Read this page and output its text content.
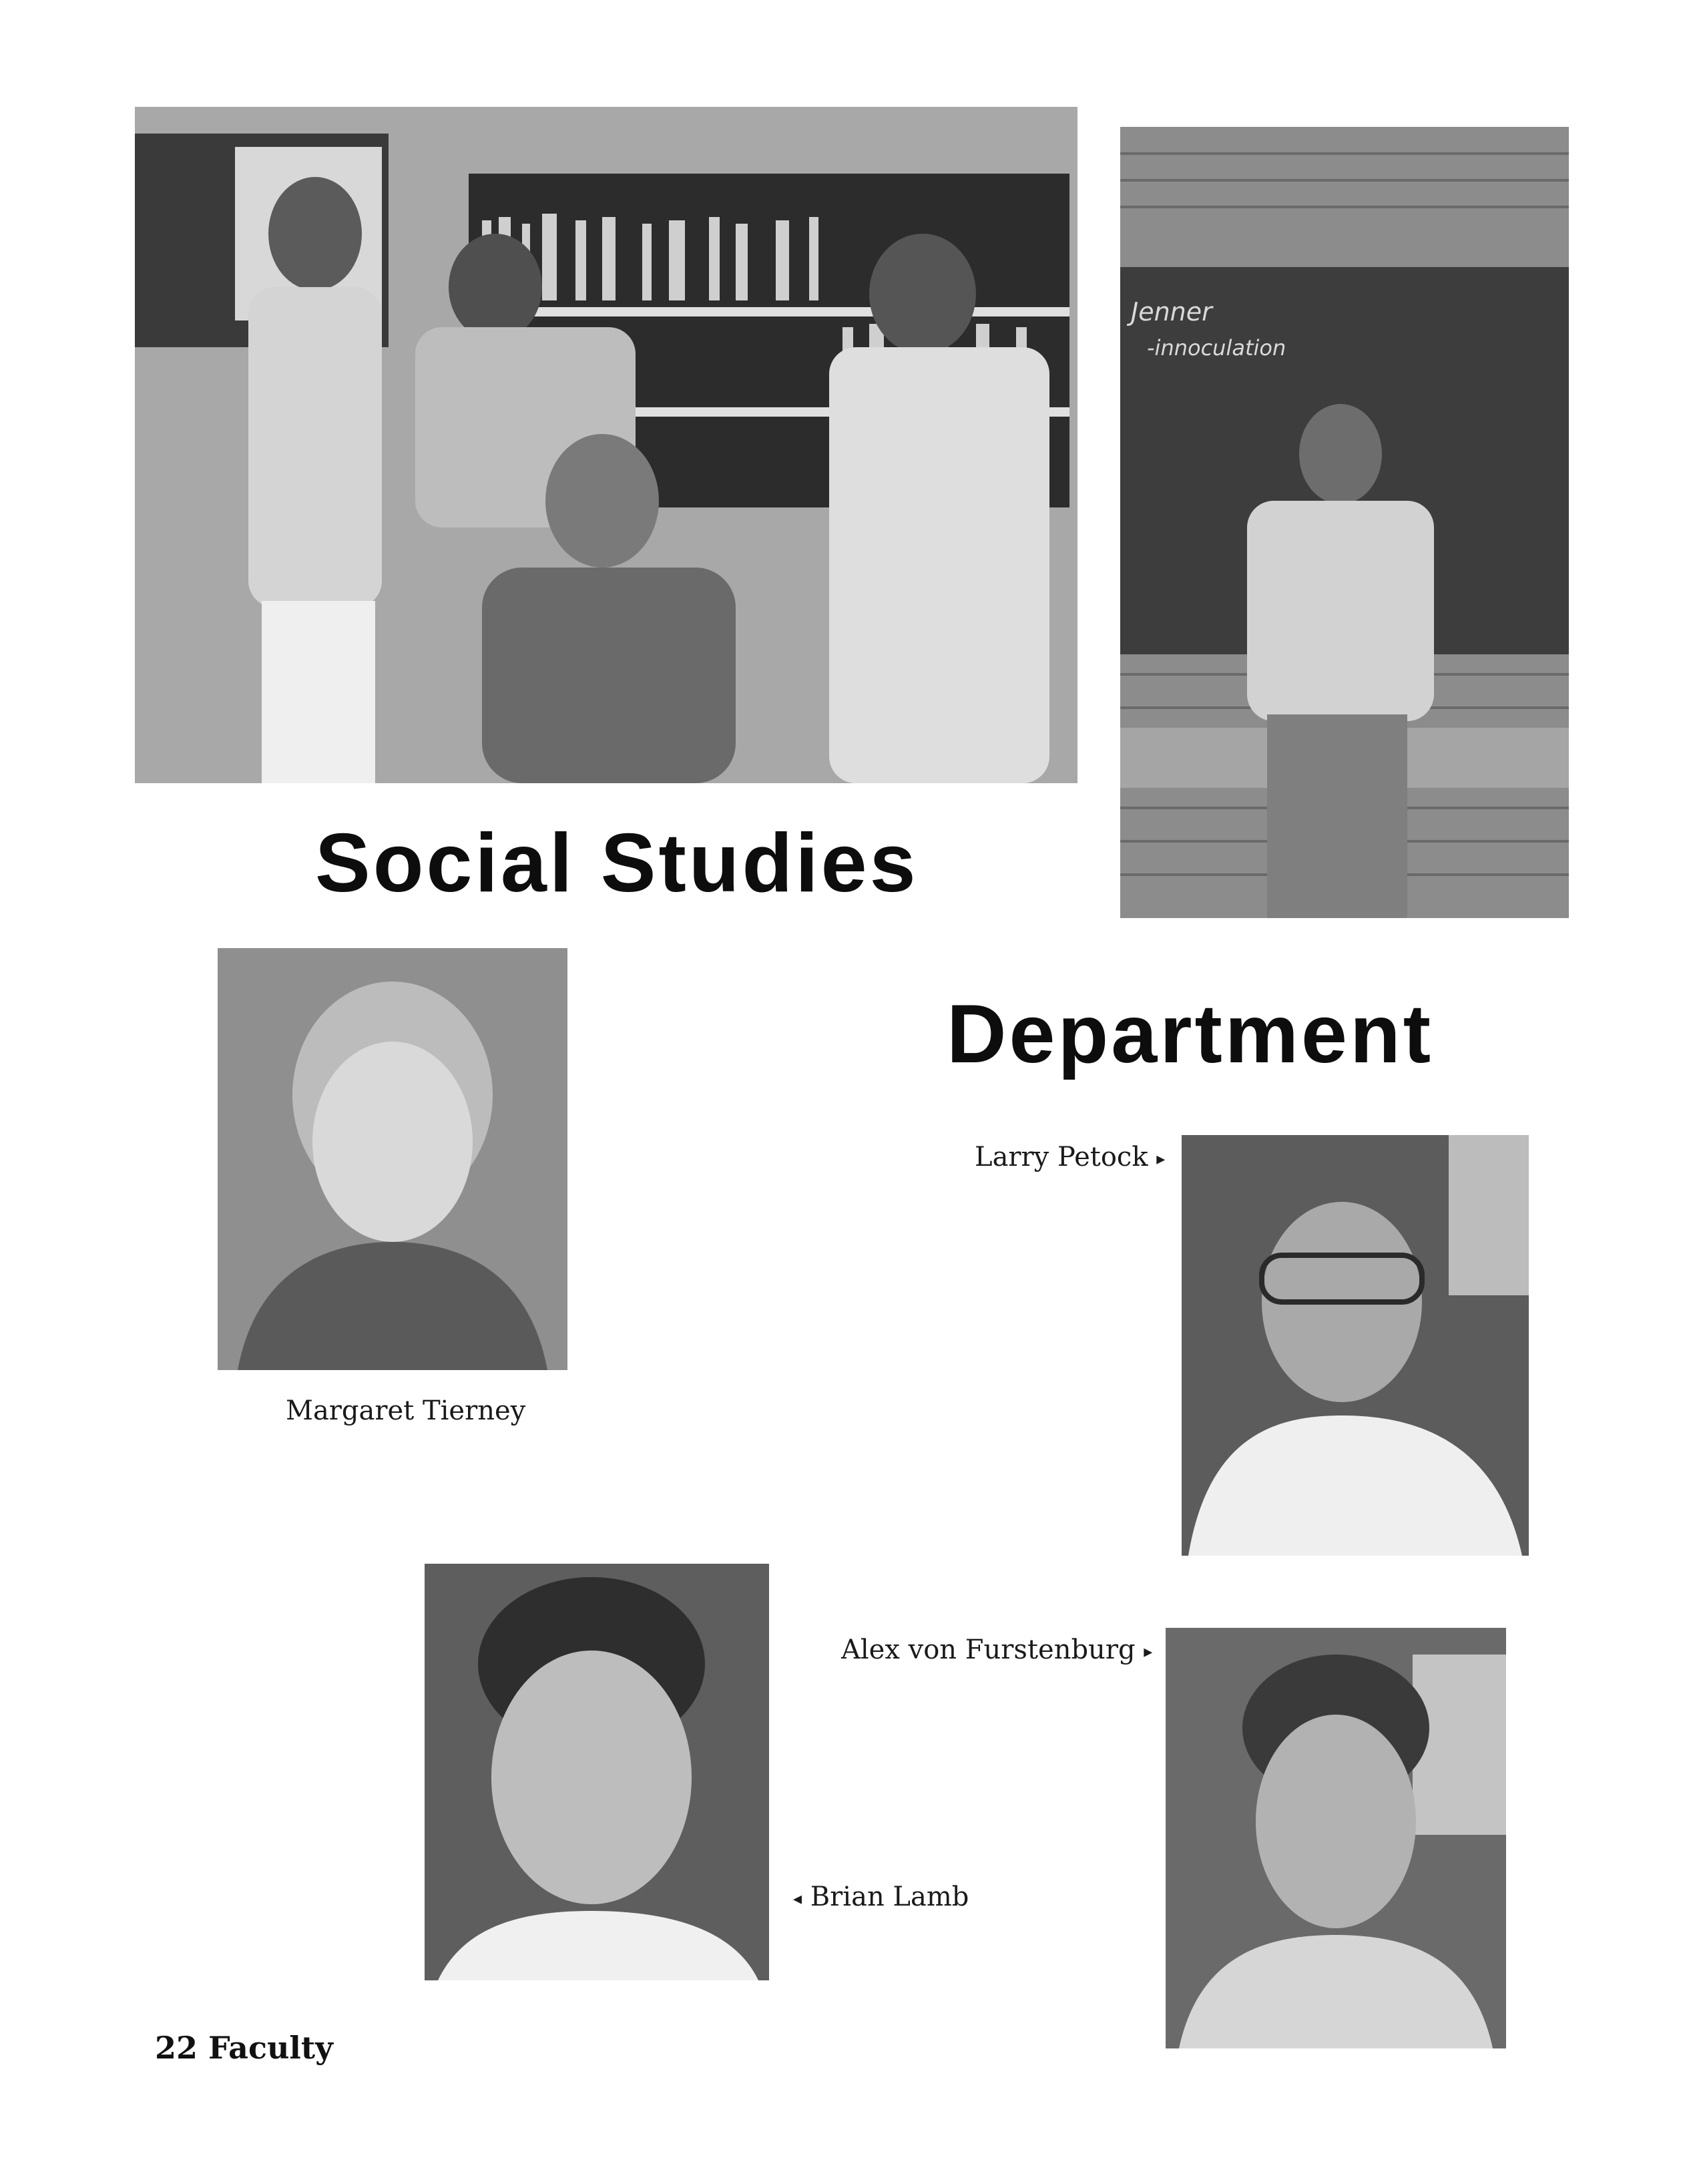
Jenner
-innoculation
Social Studies
Department
Margaret Tierney
Larry Petock ▸
Alex von Furstenburg ▸
◂ Brian Lamb
22 Faculty
